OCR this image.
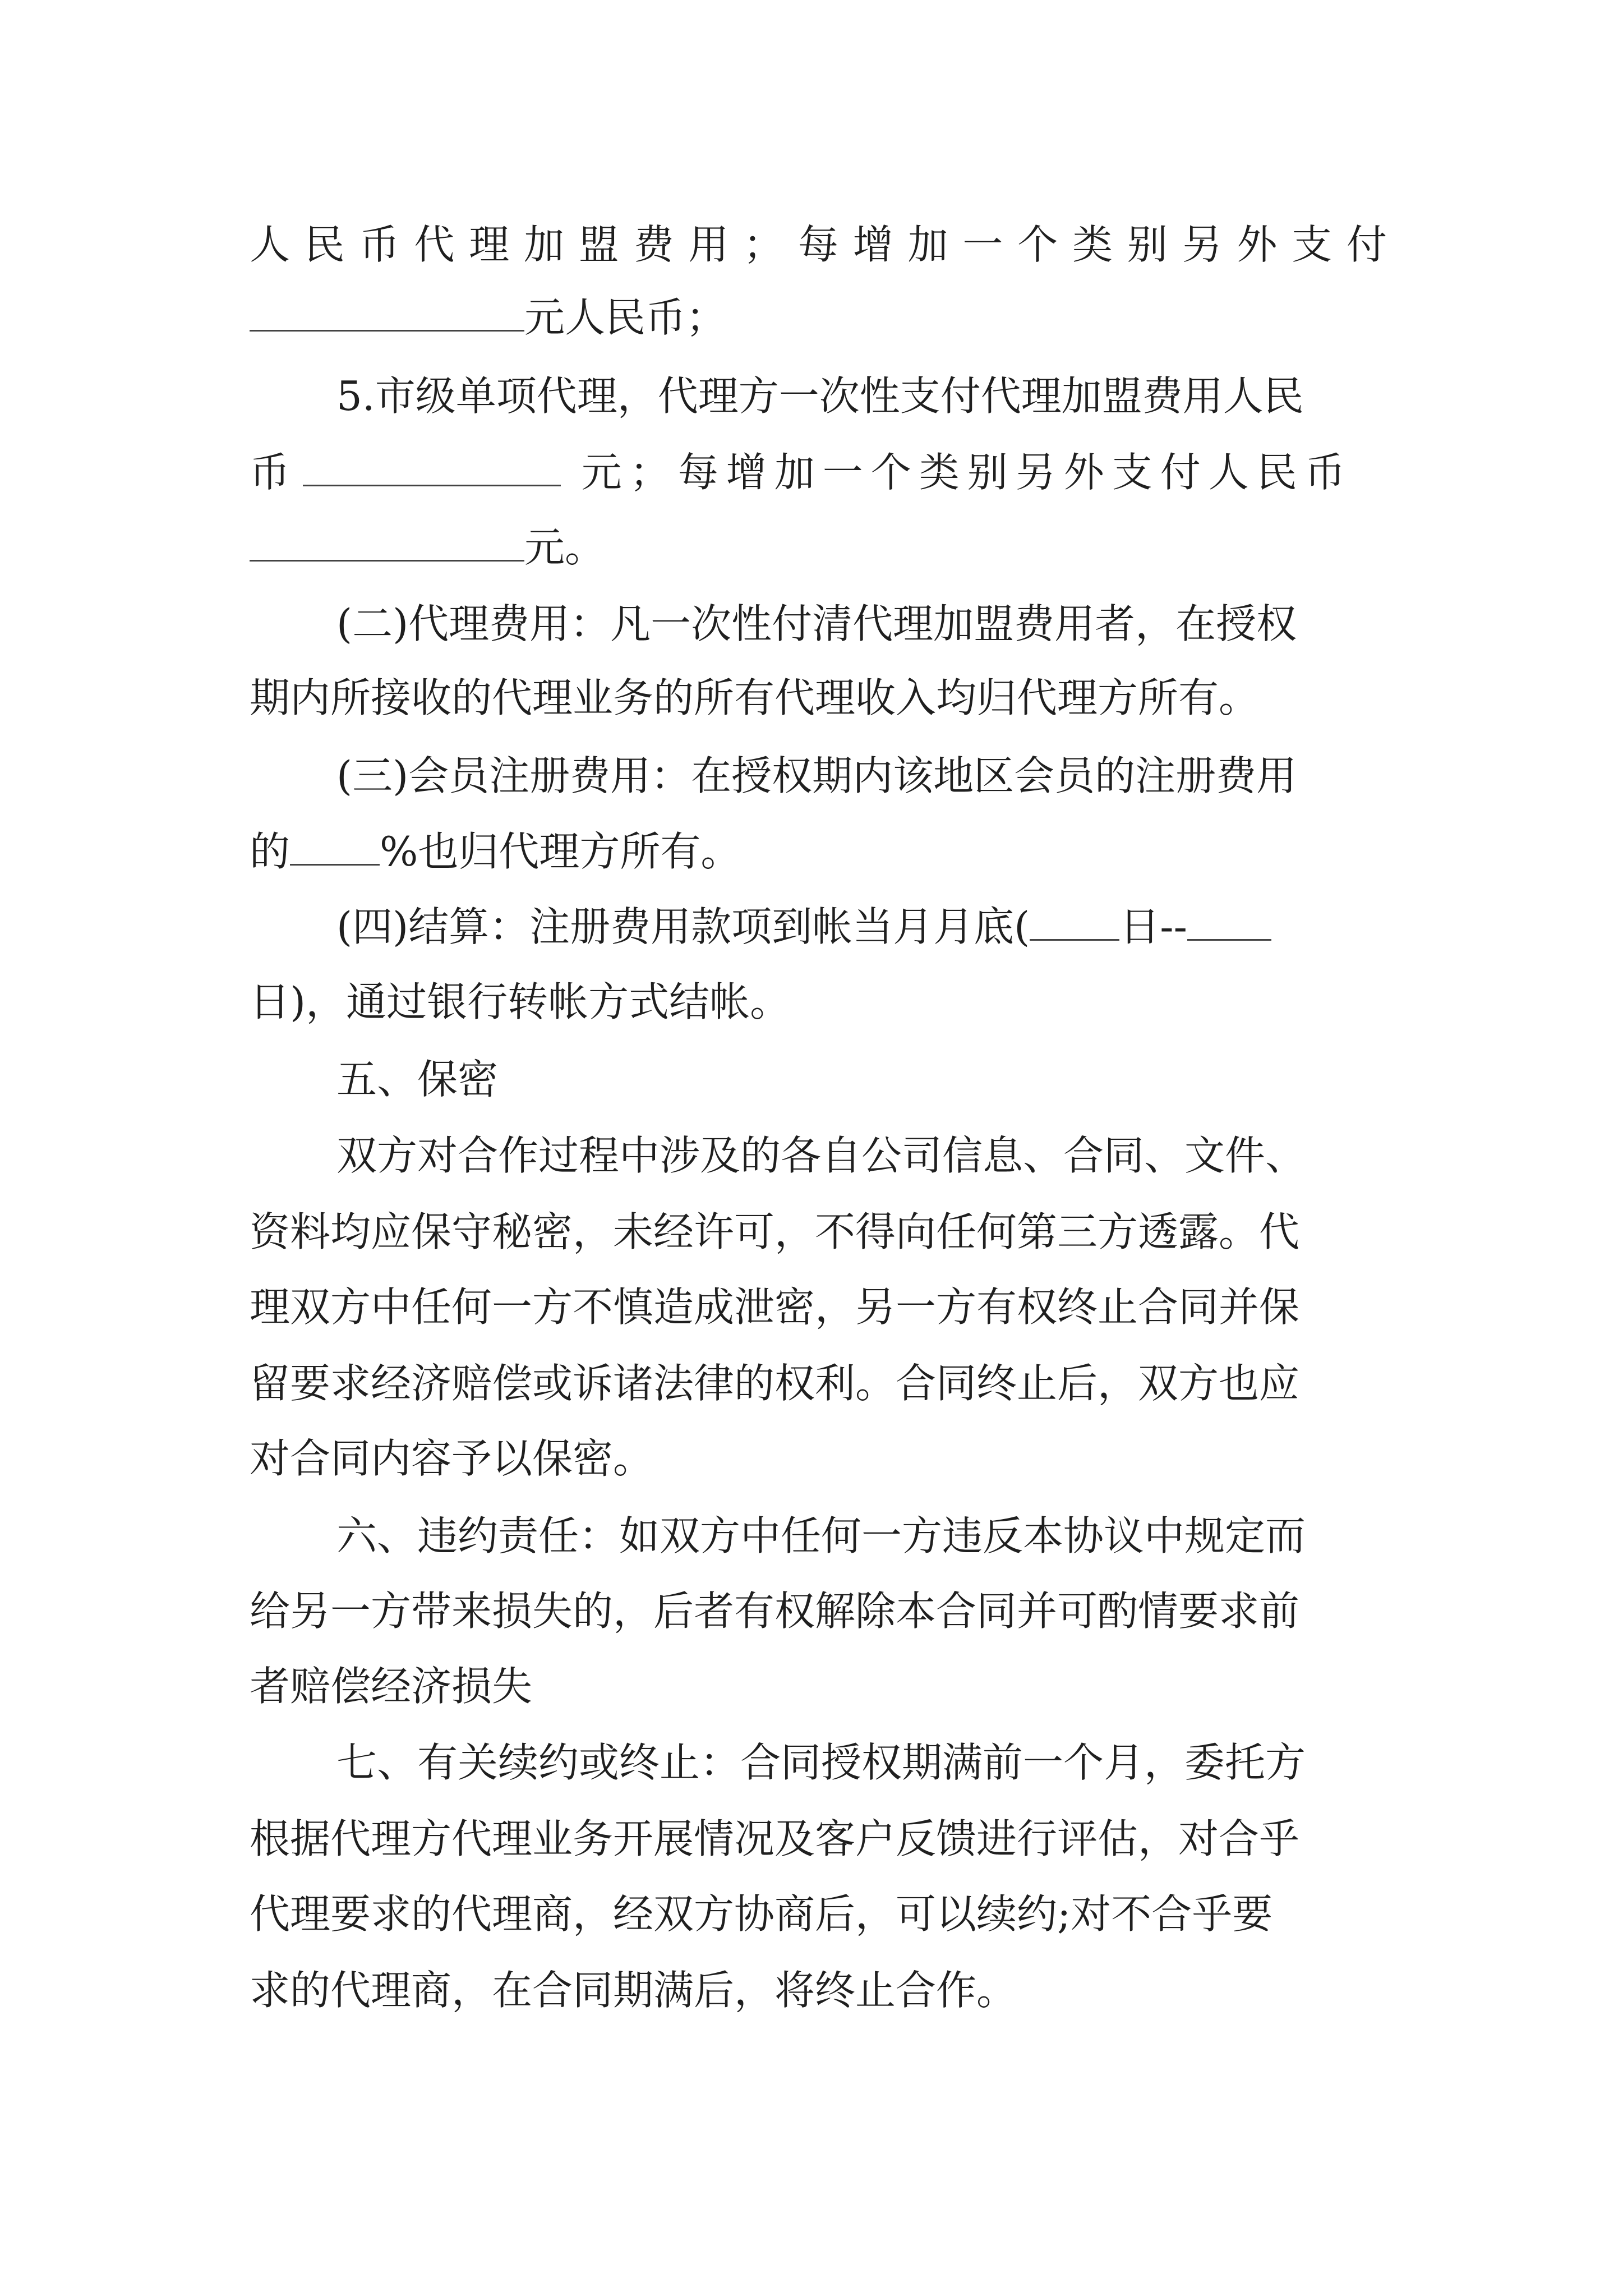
人民币代理加盟费用；每增加一个类别另外支付
元人民币；
5.市级单项代理，代理方一次性支付代理加盟费用人民
币	元；每增加一个类别另外支付人民币
元。
(二)代理费用：凡一次性付清代理加盟费用者，在授权
期内所接收的代理业务的所有代理收入均归代理方所有。
(三)会员注册费用：在授权期内该地区会员的注册费用
的 %也归代理方所有。
(四)结算：注册费用款项到帐当月月底( 日--
日)，通过银行转帐方式结帐。
五、保密
双方对合作过程中涉及的各自公司信息、合同、文件、
资料均应保守秘密，未经许可，不得向任何第三方透露。代
理双方中任何一方不慎造成泄密，另一方有权终止合同并保
留要求经济赔偿或诉诸法律的权利。合同终止后，双方也应
对合同内容予以保密。
六、违约责任：如双方中任何一方违反本协议中规定而
给另一方带来损失的，后者有权解除本合同并可酌情要求前
者赔偿经济损失
七、有关续约或终止：合同授权期满前一个月，委托方
根据代理方代理业务开展情况及客户反馈进行评估，对合乎
代理要求的代理商，经双方协商后，可以续约;对不合乎要
求的代理商，在合同期满后，将终止合作。
